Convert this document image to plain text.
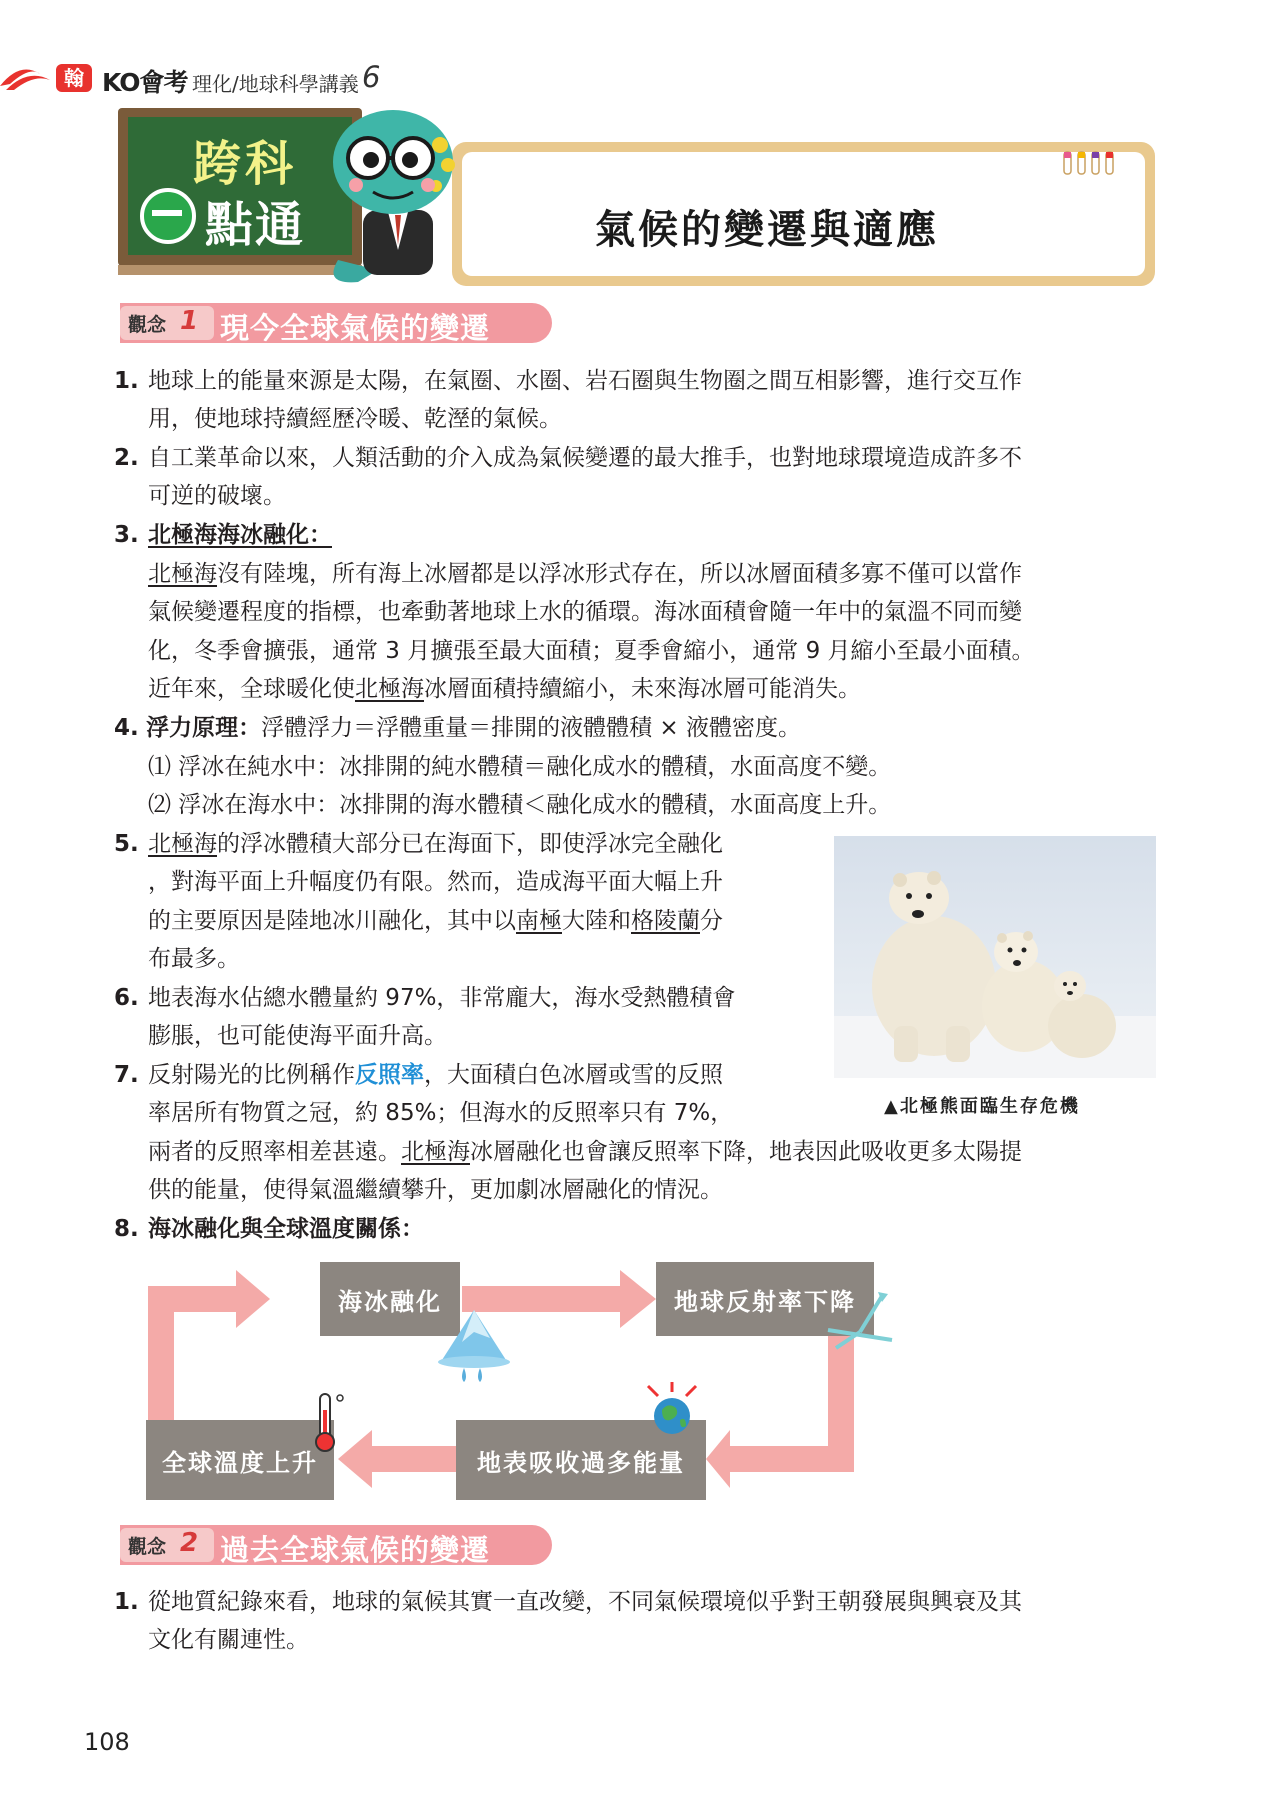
翰 KO會考 理化/地球科學講義 6
跨科
點通	氣候的變遷與適應
觀念 1 現今全球氣候的變遷
1. 地球上的能量來源是太陽，在氣圈、水圈、岩石圈與生物圈之間互相影響，進行交互作
用，使地球持續經歷冷暖、乾溼的氣候。
2. 自工業革命以來，人類活動的介入成為氣候變遷的最大推手，也對地球環境造成許多不
可逆的破壞。
3. 北極海海冰融化：
北極海沒有陸塊，所有海上冰層都是以浮冰形式存在，所以冰層面積多寡不僅可以當作
氣候變遷程度的指標，也牽動著地球上水的循環。海冰面積會隨一年中的氣溫不同而變
化，冬季會擴張，通常 3 月擴張至最大面積；夏季會縮小，通常 9 月縮小至最小面積。
近年來，全球暖化使北極海冰層面積持續縮小，未來海冰層可能消失。
4. 浮力原理：浮體浮力＝浮體重量＝排開的液體體積 × 液體密度。
⑴ 浮冰在純水中：冰排開的純水體積＝融化成水的體積，水面高度不變。
⑵ 浮冰在海水中：冰排開的海水體積＜融化成水的體積，水面高度上升。
5. 北極海的浮冰體積大部分已在海面下，即使浮冰完全融化
，對海平面上升幅度仍有限。然而，造成海平面大幅上升
的主要原因是陸地冰川融化，其中以南極大陸和格陵蘭分
布最多。
6. 地表海水佔總水體量約 97%，非常龐大，海水受熱體積會
膨脹，也可能使海平面升高。
7. 反射陽光的比例稱作反照率，大面積白色冰層或雪的反照
率居所有物質之冠，約 85%；但海水的反照率只有 7%，
兩者的反照率相差甚遠。北極海冰層融化也會讓反照率下降，地表因此吸收更多太陽提
供的能量，使得氣溫繼續攀升，更加劇冰層融化的情況。
8. 海冰融化與全球溫度關係：
▲北極熊面臨生存危機
海冰融化	地球反射率下降
地表吸收過多能量
全球溫度上升
觀念 2 過去全球氣候的變遷
1. 從地質紀錄來看，地球的氣候其實一直改變，不同氣候環境似乎對王朝發展與興衰及其
文化有關連性。
108
